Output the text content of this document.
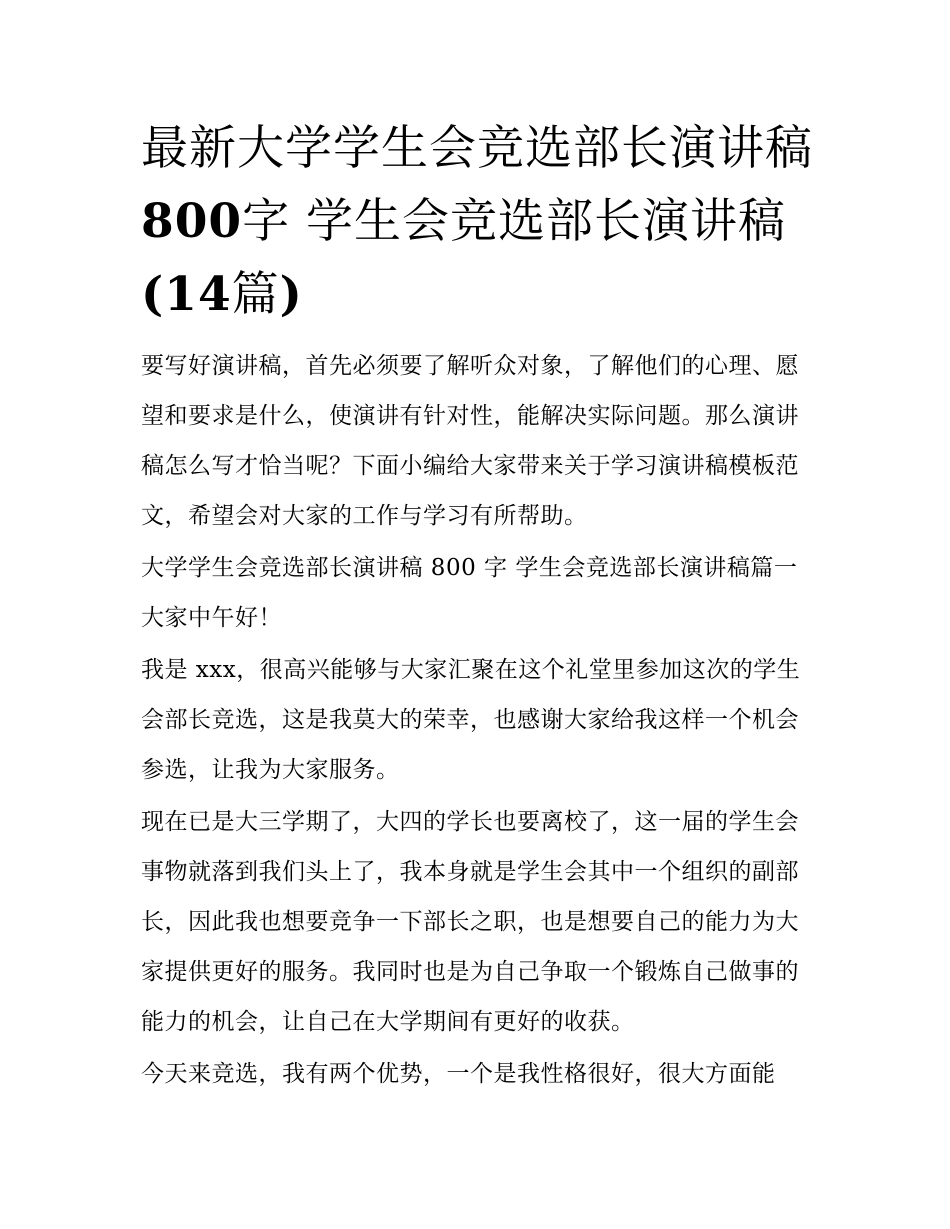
最新大学学生会竞选部长演讲稿800字 学生会竞选部长演讲稿(14篇)

要写好演讲稿，首先必须要了解听众对象，了解他们的心理、愿望和要求是什么，使演讲有针对性，能解决实际问题。那么演讲稿怎么写才恰当呢？下面小编给大家带来关于学习演讲稿模板范文，希望会对大家的工作与学习有所帮助。

大学学生会竞选部长演讲稿 800 字 学生会竞选部长演讲稿篇一 大家中午好！

我是 xxx，很高兴能够与大家汇聚在这个礼堂里参加这次的学生会部长竞选，这是我莫大的荣幸，也感谢大家给我这样一个机会参选，让我为大家服务。

现在已是大三学期了，大四的学长也要离校了，这一届的学生会事物就落到我们头上了，我本身就是学生会其中一个组织的副部长，因此我也想要竞争一下部长之职，也是想要自己的能力为大家提供更好的服务。我同时也是为自己争取一个锻炼自己做事的能力的机会，让自己在大学期间有更好的收获。

今天来竞选，我有两个优势，一个是我性格很好，很大方面能
